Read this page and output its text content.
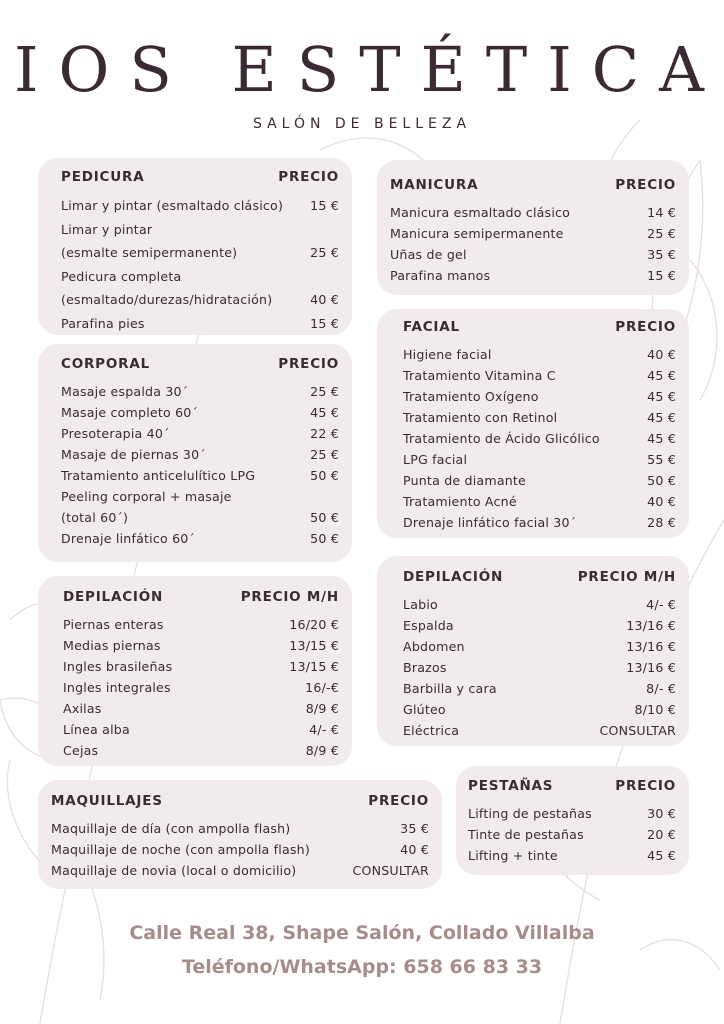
IOS ESTÉTICA
SALÓN DE BELLEZA
PEDICURA	PRECIO
Limar y pintar (esmaltado clásico)	15 €
Limar y pintar
(esmalte semipermanente)	25 €
Pedicura completa
(esmaltado/durezas/hidratación)	40 €
Parafina pies	15 €
MANICURA	PRECIO
Manicura esmaltado clásico	14 €
Manicura semipermanente	25 €
Uñas de gel	35 €
Parafina manos	15 €
CORPORAL	PRECIO
Masaje espalda 30´	25 €
Masaje completo 60´	45 €
Presoterapia 40´	22 €
Masaje de piernas 30´	25 €
Tratamiento anticelulítico LPG	50 €
Peeling corporal + masaje
(total 60´)	50 €
Drenaje linfático 60´	50 €
FACIAL	PRECIO
Higiene facial	40 €
Tratamiento Vitamina C	45 €
Tratamiento Oxígeno	45 €
Tratamiento con Retinol	45 €
Tratamiento de Ácido Glicólico	45 €
LPG facial	55 €
Punta de diamante	50 €
Tratamiento Acné	40 €
Drenaje linfático facial 30´	28 €
DEPILACIÓN	PRECIO M/H
Piernas enteras	16/20 €
Medias piernas	13/15 €
Ingles brasileñas	13/15 €
Ingles integrales	16/-€
Axilas	8/9 €
Línea alba	4/- €
Cejas	8/9 €
DEPILACIÓN	PRECIO M/H
Labio	4/- €
Espalda	13/16 €
Abdomen	13/16 €
Brazos	13/16 €
Barbilla y cara	8/- €
Glúteo	8/10 €
Eléctrica	CONSULTAR
MAQUILLAJES	PRECIO
Maquillaje de día (con ampolla flash)	35 €
Maquillaje de noche (con ampolla flash)	40 €
Maquillaje de novia (local o domicilio)	CONSULTAR
PESTAÑAS	PRECIO
Lifting de pestañas	30 €
Tinte de pestañas	20 €
Lifting + tinte	45 €
Calle Real 38, Shape Salón, Collado Villalba
Teléfono/WhatsApp: 658 66 83 33
